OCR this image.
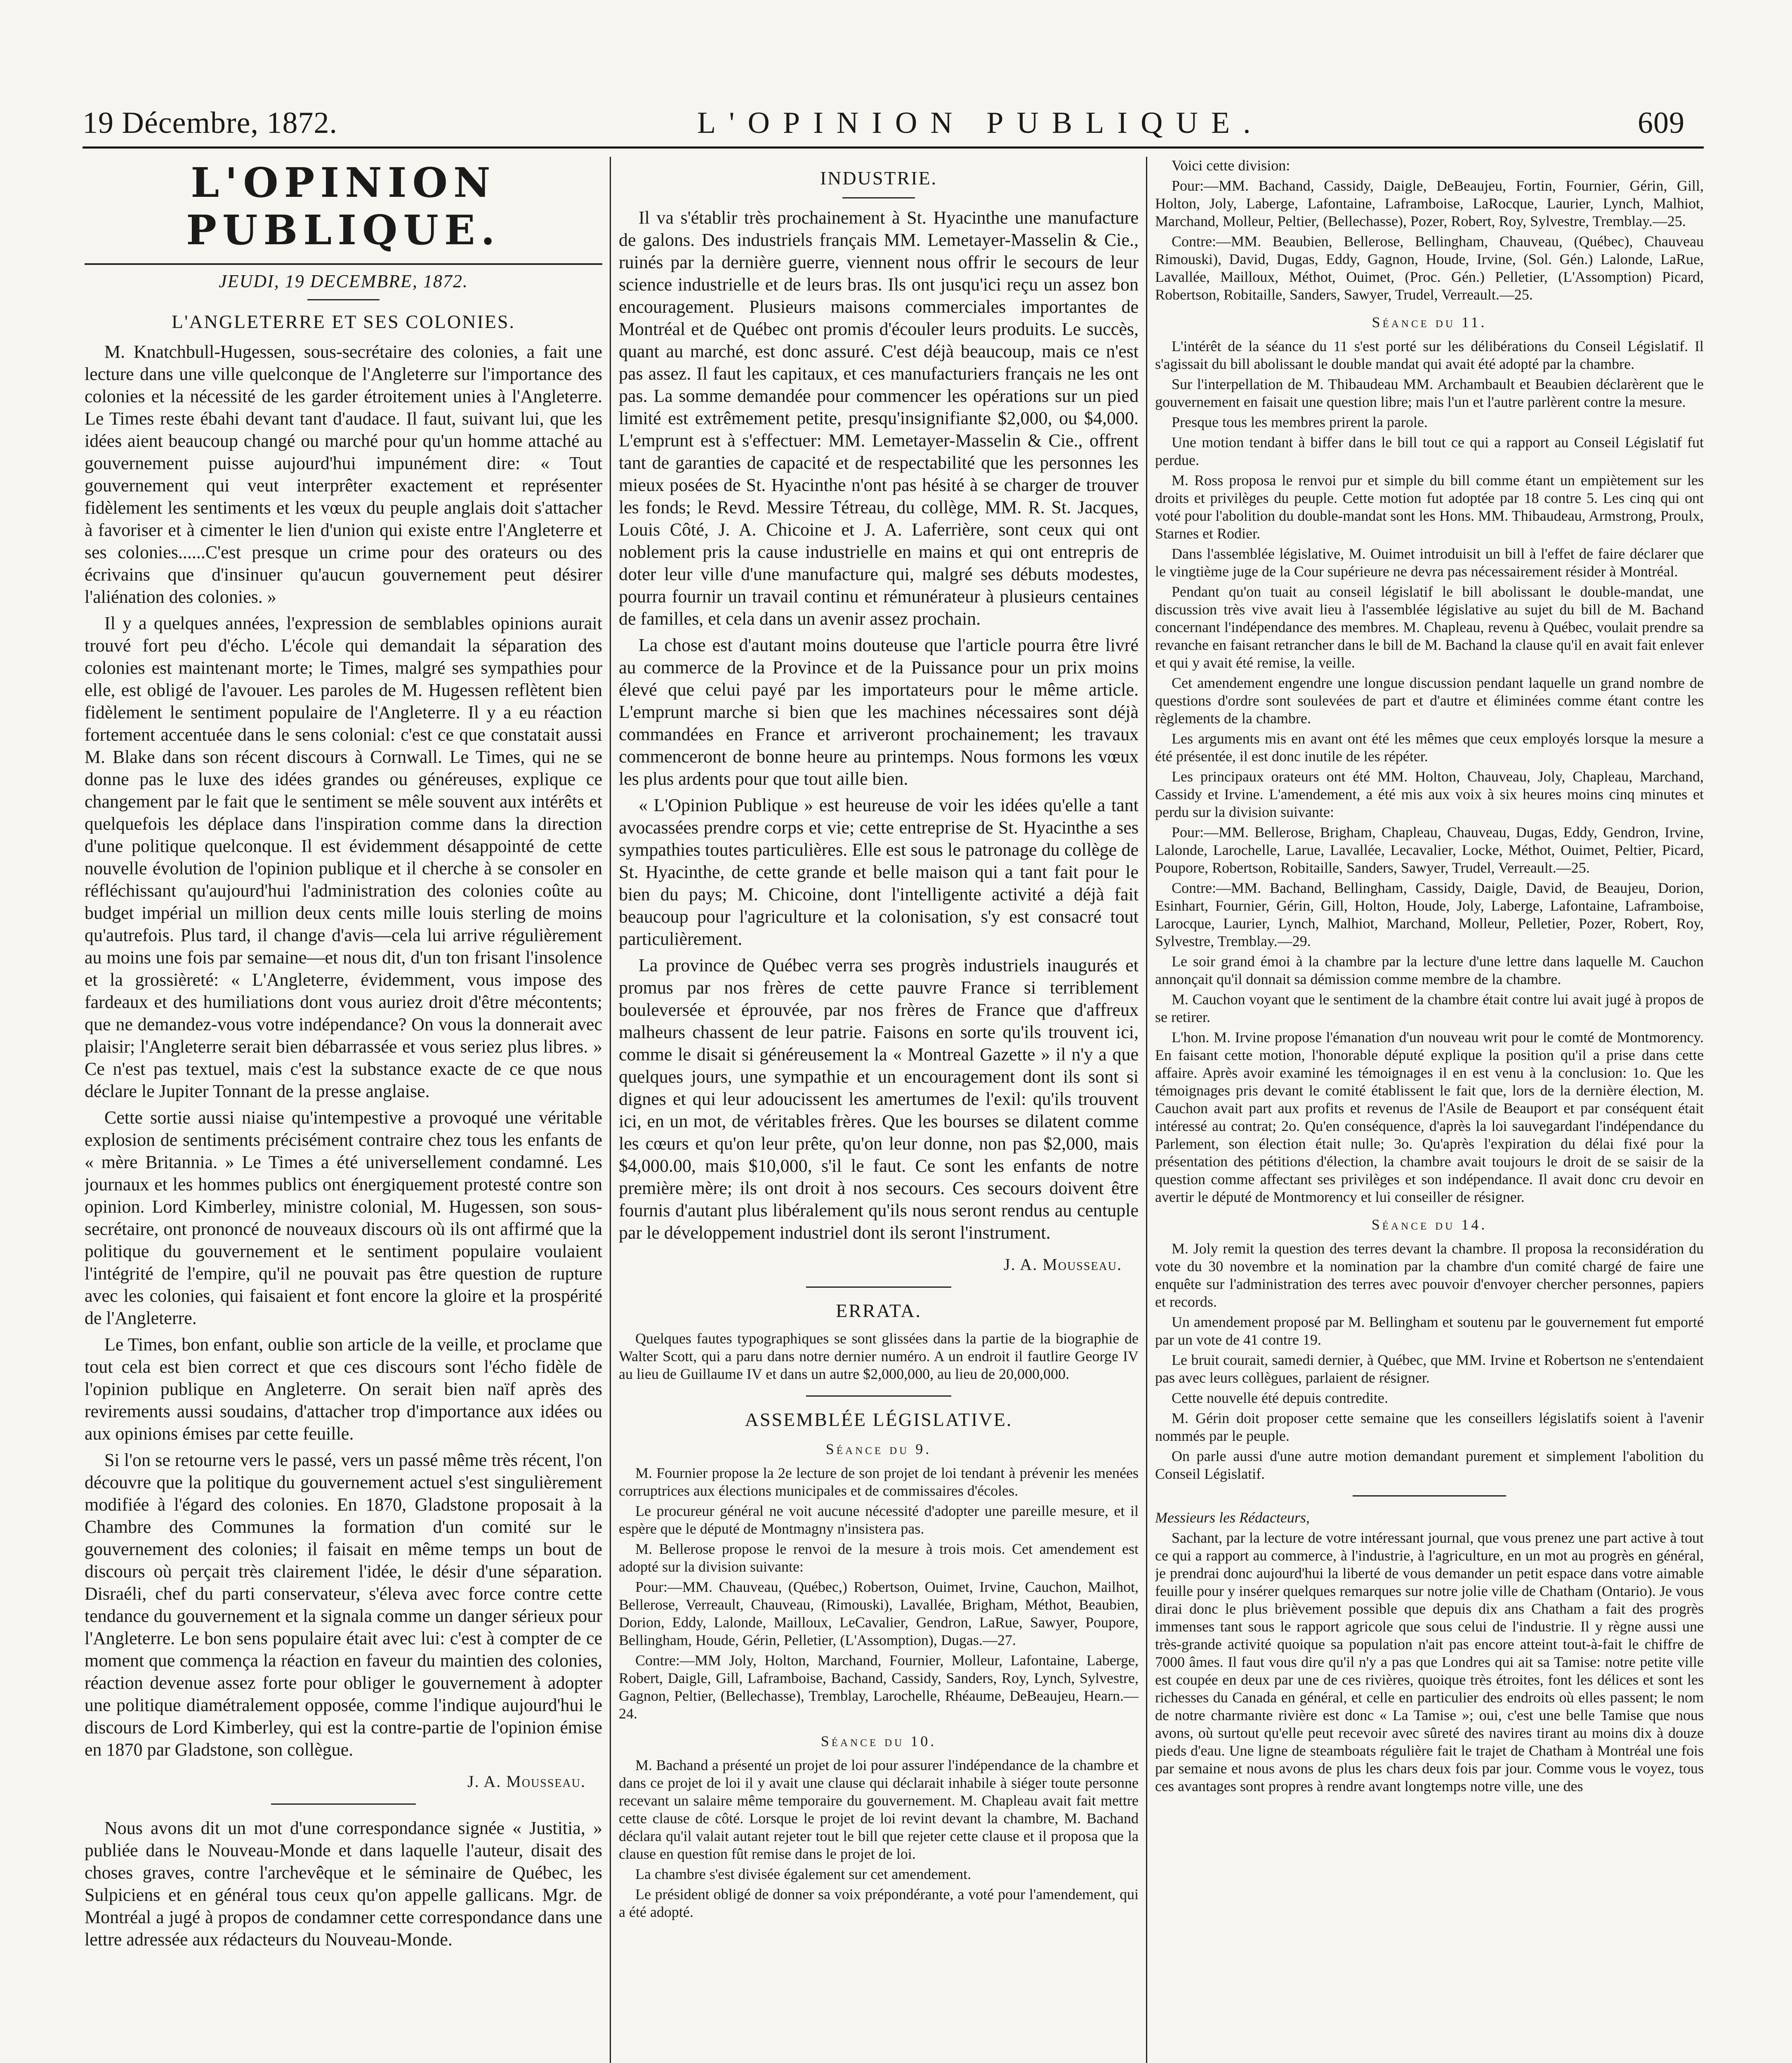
19 Décembre, 1872.	L'OPINION PUBLIQUE.	609
L'OPINION PUBLIQUE.
JEUDI, 19 DECEMBRE, 1872.
L'ANGLETERRE ET SES COLONIES.

M. Knatchbull-Hugessen, sous-secrétaire des colonies, a fait une lecture dans une ville quelconque de l'Angleterre sur l'importance des colonies et la nécessité de les garder étroitement unies à l'Angleterre. Le Times reste ébahi devant tant d'audace. Il faut, suivant lui, que les idées aient beaucoup changé ou marché pour qu'un homme attaché au gouvernement puisse aujourd'hui impunément dire: « Tout gouvernement qui veut interprêter exactement et représenter fidèlement les sentiments et les vœux du peuple anglais doit s'attacher à favoriser et à cimenter le lien d'union qui existe entre l'Angleterre et ses colonies......C'est presque un crime pour des orateurs ou des écrivains que d'insinuer qu'aucun gouvernement peut désirer l'aliénation des colonies. »

Il y a quelques années, l'expression de semblables opinions aurait trouvé fort peu d'écho. L'école qui demandait la séparation des colonies est maintenant morte; le Times, malgré ses sympathies pour elle, est obligé de l'avouer. Les paroles de M. Hugessen reflètent bien fidèlement le sentiment populaire de l'Angleterre. Il y a eu réaction fortement accentuée dans le sens colonial: c'est ce que constatait aussi M. Blake dans son récent discours à Cornwall. Le Times, qui ne se donne pas le luxe des idées grandes ou généreuses, explique ce changement par le fait que le sentiment se mêle souvent aux intérêts et quelquefois les déplace dans l'inspiration comme dans la direction d'une politique quelconque. Il est évidemment désappointé de cette nouvelle évolution de l'opinion publique et il cherche à se consoler en réfléchissant qu'aujourd'hui l'administration des colonies coûte au budget impérial un million deux cents mille louis sterling de moins qu'autrefois. Plus tard, il change d'avis—cela lui arrive régulièrement au moins une fois par semaine—et nous dit, d'un ton frisant l'insolence et la grossièreté: « L'Angleterre, évidemment, vous impose des fardeaux et des humiliations dont vous auriez droit d'être mécontents; que ne demandez-vous votre indépendance? On vous la donnerait avec plaisir; l'Angleterre serait bien débarrassée et vous seriez plus libres. » Ce n'est pas textuel, mais c'est la substance exacte de ce que nous déclare le Jupiter Tonnant de la presse anglaise.

Cette sortie aussi niaise qu'intempestive a provoqué une véritable explosion de sentiments précisément contraire chez tous les enfants de « mère Britannia. » Le Times a été universellement condamné. Les journaux et les hommes publics ont énergiquement protesté contre son opinion. Lord Kimberley, ministre colonial, M. Hugessen, son sous-secrétaire, ont prononcé de nouveaux discours où ils ont affirmé que la politique du gouvernement et le sentiment populaire voulaient l'intégrité de l'empire, qu'il ne pouvait pas être question de rupture avec les colonies, qui faisaient et font encore la gloire et la prospérité de l'Angleterre.

Le Times, bon enfant, oublie son article de la veille, et proclame que tout cela est bien correct et que ces discours sont l'écho fidèle de l'opinion publique en Angleterre. On serait bien naïf après des revirements aussi soudains, d'attacher trop d'importance aux idées ou aux opinions émises par cette feuille.

Si l'on se retourne vers le passé, vers un passé même très récent, l'on découvre que la politique du gouvernement actuel s'est singulièrement modifiée à l'égard des colonies. En 1870, Gladstone proposait à la Chambre des Communes la formation d'un comité sur le gouvernement des colonies; il faisait en même temps un bout de discours où perçait très clairement l'idée, le désir d'une séparation. Disraéli, chef du parti conservateur, s'éleva avec force contre cette tendance du gouvernement et la signala comme un danger sérieux pour l'Angleterre. Le bon sens populaire était avec lui: c'est à compter de ce moment que commença la réaction en faveur du maintien des colonies, réaction devenue assez forte pour obliger le gouvernement à adopter une politique diamétralement opposée, comme l'indique aujourd'hui le discours de Lord Kimberley, qui est la contre-partie de l'opinion émise en 1870 par Gladstone, son collègue.

J. A. Mousseau.

Nous avons dit un mot d'une correspondance signée « Justitia, » publiée dans le Nouveau-Monde et dans laquelle l'auteur, disait des choses graves, contre l'archevêque et le séminaire de Québec, les Sulpiciens et en général tous ceux qu'on appelle gallicans. Mgr. de Montréal a jugé à propos de condamner cette correspondance dans une lettre adressée aux rédacteurs du Nouveau-Monde.

INDUSTRIE.

Il va s'établir très prochainement à St. Hyacinthe une manufacture de galons. Des industriels français MM. Lemetayer-Masselin & Cie., ruinés par la dernière guerre, viennent nous offrir le secours de leur science industrielle et de leurs bras. Ils ont jusqu'ici reçu un assez bon encouragement. Plusieurs maisons commerciales importantes de Montréal et de Québec ont promis d'écouler leurs produits. Le succès, quant au marché, est donc assuré. C'est déjà beaucoup, mais ce n'est pas assez. Il faut les capitaux, et ces manufacturiers français ne les ont pas. La somme demandée pour commencer les opérations sur un pied limité est extrêmement petite, presqu'insignifiante $2,000, ou $4,000. L'emprunt est à s'effectuer: MM. Lemetayer-Masselin & Cie., offrent tant de garanties de capacité et de respectabilité que les personnes les mieux posées de St. Hyacinthe n'ont pas hésité à se charger de trouver les fonds; le Revd. Messire Tétreau, du collège, MM. R. St. Jacques, Louis Côté, J. A. Chicoine et J. A. Laferrière, sont ceux qui ont noblement pris la cause industrielle en mains et qui ont entrepris de doter leur ville d'une manufacture qui, malgré ses débuts modestes, pourra fournir un travail continu et rémunérateur à plusieurs centaines de familles, et cela dans un avenir assez prochain.

La chose est d'autant moins douteuse que l'article pourra être livré au commerce de la Province et de la Puissance pour un prix moins élevé que celui payé par les importateurs pour le même article. L'emprunt marche si bien que les machines nécessaires sont déjà commandées en France et arriveront prochainement; les travaux commenceront de bonne heure au printemps. Nous formons les vœux les plus ardents pour que tout aille bien.

« L'Opinion Publique » est heureuse de voir les idées qu'elle a tant avocassées prendre corps et vie; cette entreprise de St. Hyacinthe a ses sympathies toutes particulières. Elle est sous le patronage du collège de St. Hyacinthe, de cette grande et belle maison qui a tant fait pour le bien du pays; M. Chicoine, dont l'intelligente activité a déjà fait beaucoup pour l'agriculture et la colonisation, s'y est consacré tout particulièrement.

La province de Québec verra ses progrès industriels inaugurés et promus par nos frères de cette pauvre France si terriblement bouleversée et éprouvée, par nos frères de France que d'affreux malheurs chassent de leur patrie. Faisons en sorte qu'ils trouvent ici, comme le disait si généreusement la « Montreal Gazette » il n'y a que quelques jours, une sympathie et un encouragement dont ils sont si dignes et qui leur adoucissent les amertumes de l'exil: qu'ils trouvent ici, en un mot, de véritables frères. Que les bourses se dilatent comme les cœurs et qu'on leur prête, qu'on leur donne, non pas $2,000, mais $4,000.00, mais $10,000, s'il le faut. Ce sont les enfants de notre première mère; ils ont droit à nos secours. Ces secours doivent être fournis d'autant plus libéralement qu'ils nous seront rendus au centuple par le développement industriel dont ils seront l'instrument.

J. A. Mousseau.
ERRATA.

Quelques fautes typographiques se sont glissées dans la partie de la biographie de Walter Scott, qui a paru dans notre dernier numéro. A un endroit il fautlire George IV au lieu de Guillaume IV et dans un autre $2,000,000, au lieu de 20,000,000.

ASSEMBLÉE LÉGISLATIVE.
Séance du 9.

M. Fournier propose la 2e lecture de son projet de loi tendant à prévenir les menées corruptrices aux élections municipales et de commissaires d'écoles.

Le procureur général ne voit aucune nécessité d'adopter une pareille mesure, et il espère que le député de Montmagny n'insistera pas.

M. Bellerose propose le renvoi de la mesure à trois mois. Cet amendement est adopté sur la division suivante:

Pour:—MM. Chauveau, (Québec,) Robertson, Ouimet, Irvine, Cauchon, Mailhot, Bellerose, Verreault, Chauveau, (Rimouski), Lavallée, Brigham, Méthot, Beaubien, Dorion, Eddy, Lalonde, Mailloux, LeCavalier, Gendron, LaRue, Sawyer, Poupore, Bellingham, Houde, Gérin, Pelletier, (L'Assomption), Dugas.—27.

Contre:—MM Joly, Holton, Marchand, Fournier, Molleur, Lafontaine, Laberge, Robert, Daigle, Gill, Laframboise, Bachand, Cassidy, Sanders, Roy, Lynch, Sylvestre, Gagnon, Peltier, (Bellechasse), Tremblay, Larochelle, Rhéaume, DeBeaujeu, Hearn.—24.

Séance du 10.

M. Bachand a présenté un projet de loi pour assurer l'indépendance de la chambre et dans ce projet de loi il y avait une clause qui déclarait inhabile à siéger toute personne recevant un salaire même temporaire du gouvernement. M. Chapleau avait fait mettre cette clause de côté. Lorsque le projet de loi revint devant la chambre, M. Bachand déclara qu'il valait autant rejeter tout le bill que rejeter cette clause et il proposa que la clause en question fût remise dans le projet de loi.

La chambre s'est divisée également sur cet amendement.

Le président obligé de donner sa voix prépondérante, a voté pour l'amendement, qui a été adopté.

Voici cette division:

Pour:—MM. Bachand, Cassidy, Daigle, DeBeaujeu, Fortin, Fournier, Gérin, Gill, Holton, Joly, Laberge, Lafontaine, Laframboise, LaRocque, Laurier, Lynch, Malhiot, Marchand, Molleur, Peltier, (Bellechasse), Pozer, Robert, Roy, Sylvestre, Tremblay.—25.

Contre:—MM. Beaubien, Bellerose, Bellingham, Chauveau, (Québec), Chauveau Rimouski), David, Dugas, Eddy, Gagnon, Houde, Irvine, (Sol. Gén.) Lalonde, LaRue, Lavallée, Mailloux, Méthot, Ouimet, (Proc. Gén.) Pelletier, (L'Assomption) Picard, Robertson, Robitaille, Sanders, Sawyer, Trudel, Verreault.—25.

Séance du 11.

L'intérêt de la séance du 11 s'est porté sur les délibérations du Conseil Législatif. Il s'agissait du bill abolissant le double mandat qui avait été adopté par la chambre.

Sur l'interpellation de M. Thibaudeau MM. Archambault et Beaubien déclarèrent que le gouvernement en faisait une question libre; mais l'un et l'autre parlèrent contre la mesure.

Presque tous les membres prirent la parole.

Une motion tendant à biffer dans le bill tout ce qui a rapport au Conseil Législatif fut perdue.

M. Ross proposa le renvoi pur et simple du bill comme étant un empiètement sur les droits et privilèges du peuple. Cette motion fut adoptée par 18 contre 5. Les cinq qui ont voté pour l'abolition du double-mandat sont les Hons. MM. Thibaudeau, Armstrong, Proulx, Starnes et Rodier.

Dans l'assemblée législative, M. Ouimet introduisit un bill à l'effet de faire déclarer que le vingtième juge de la Cour supérieure ne devra pas nécessairement résider à Montréal.

Pendant qu'on tuait au conseil législatif le bill abolissant le double-mandat, une discussion très vive avait lieu à l'assemblée législative au sujet du bill de M. Bachand concernant l'indépendance des membres. M. Chapleau, revenu à Québec, voulait prendre sa revanche en faisant retrancher dans le bill de M. Bachand la clause qu'il en avait fait enlever et qui y avait été remise, la veille.

Cet amendement engendre une longue discussion pendant laquelle un grand nombre de questions d'ordre sont soulevées de part et d'autre et éliminées comme étant contre les règlements de la chambre.

Les arguments mis en avant ont été les mêmes que ceux employés lorsque la mesure a été présentée, il est donc inutile de les répéter.

Les principaux orateurs ont été MM. Holton, Chauveau, Joly, Chapleau, Marchand, Cassidy et Irvine. L'amendement, a été mis aux voix à six heures moins cinq minutes et perdu sur la division suivante:

Pour:—MM. Bellerose, Brigham, Chapleau, Chauveau, Dugas, Eddy, Gendron, Irvine, Lalonde, Larochelle, Larue, Lavallée, Lecavalier, Locke, Méthot, Ouimet, Peltier, Picard, Poupore, Robertson, Robitaille, Sanders, Sawyer, Trudel, Verreault.—25.

Contre:—MM. Bachand, Bellingham, Cassidy, Daigle, David, de Beaujeu, Dorion, Esinhart, Fournier, Gérin, Gill, Holton, Houde, Joly, Laberge, Lafontaine, Laframboise, Larocque, Laurier, Lynch, Malhiot, Marchand, Molleur, Pelletier, Pozer, Robert, Roy, Sylvestre, Tremblay.—29.

Le soir grand émoi à la chambre par la lecture d'une lettre dans laquelle M. Cauchon annonçait qu'il donnait sa démission comme membre de la chambre.

M. Cauchon voyant que le sentiment de la chambre était contre lui avait jugé à propos de se retirer.

L'hon. M. Irvine propose l'émanation d'un nouveau writ pour le comté de Montmorency. En faisant cette motion, l'honorable député explique la position qu'il a prise dans cette affaire. Après avoir examiné les témoignages il en est venu à la conclusion: 1o. Que les témoignages pris devant le comité établissent le fait que, lors de la dernière élection, M. Cauchon avait part aux profits et revenus de l'Asile de Beauport et par conséquent était intéressé au contrat; 2o. Qu'en conséquence, d'après la loi sauvegardant l'indépendance du Parlement, son élection était nulle; 3o. Qu'après l'expiration du délai fixé pour la présentation des pétitions d'élection, la chambre avait toujours le droit de se saisir de la question comme affectant ses privilèges et son indépendance. Il avait donc cru devoir en avertir le député de Montmorency et lui conseiller de résigner.

Séance du 14.

M. Joly remit la question des terres devant la chambre. Il proposa la reconsidération du vote du 30 novembre et la nomination par la chambre d'un comité chargé de faire une enquête sur l'administration des terres avec pouvoir d'envoyer chercher personnes, papiers et records.

Un amendement proposé par M. Bellingham et soutenu par le gouvernement fut emporté par un vote de 41 contre 19.

Le bruit courait, samedi dernier, à Québec, que MM. Irvine et Robertson ne s'entendaient pas avec leurs collègues, parlaient de résigner.

Cette nouvelle été depuis contredite.

M. Gérin doit proposer cette semaine que les conseillers législatifs soient à l'avenir nommés par le peuple.

On parle aussi d'une autre motion demandant purement et simplement l'abolition du Conseil Législatif.

Messieurs les Rédacteurs,

Sachant, par la lecture de votre intéressant journal, que vous prenez une part active à tout ce qui a rapport au commerce, à l'industrie, à l'agriculture, en un mot au progrès en général, je prendrai donc aujourd'hui la liberté de vous demander un petit espace dans votre aimable feuille pour y insérer quelques remarques sur notre jolie ville de Chatham (Ontario). Je vous dirai donc le plus brièvement possible que depuis dix ans Chatham a fait des progrès immenses tant sous le rapport agricole que sous celui de l'industrie. Il y règne aussi une très-grande activité quoique sa population n'ait pas encore atteint tout-à-fait le chiffre de 7000 âmes. Il faut vous dire qu'il n'y a pas que Londres qui ait sa Tamise: notre petite ville est coupée en deux par une de ces rivières, quoique très étroites, font les délices et sont les richesses du Canada en général, et celle en particulier des endroits où elles passent; le nom de notre charmante rivière est donc « La Tamise »; oui, c'est une belle Tamise que nous avons, où surtout qu'elle peut recevoir avec sûreté des navires tirant au moins dix à douze pieds d'eau. Une ligne de steamboats régulière fait le trajet de Chatham à Montréal une fois par semaine et nous avons de plus les chars deux fois par jour. Comme vous le voyez, tous ces avantages sont propres à rendre avant longtemps notre ville, une des
